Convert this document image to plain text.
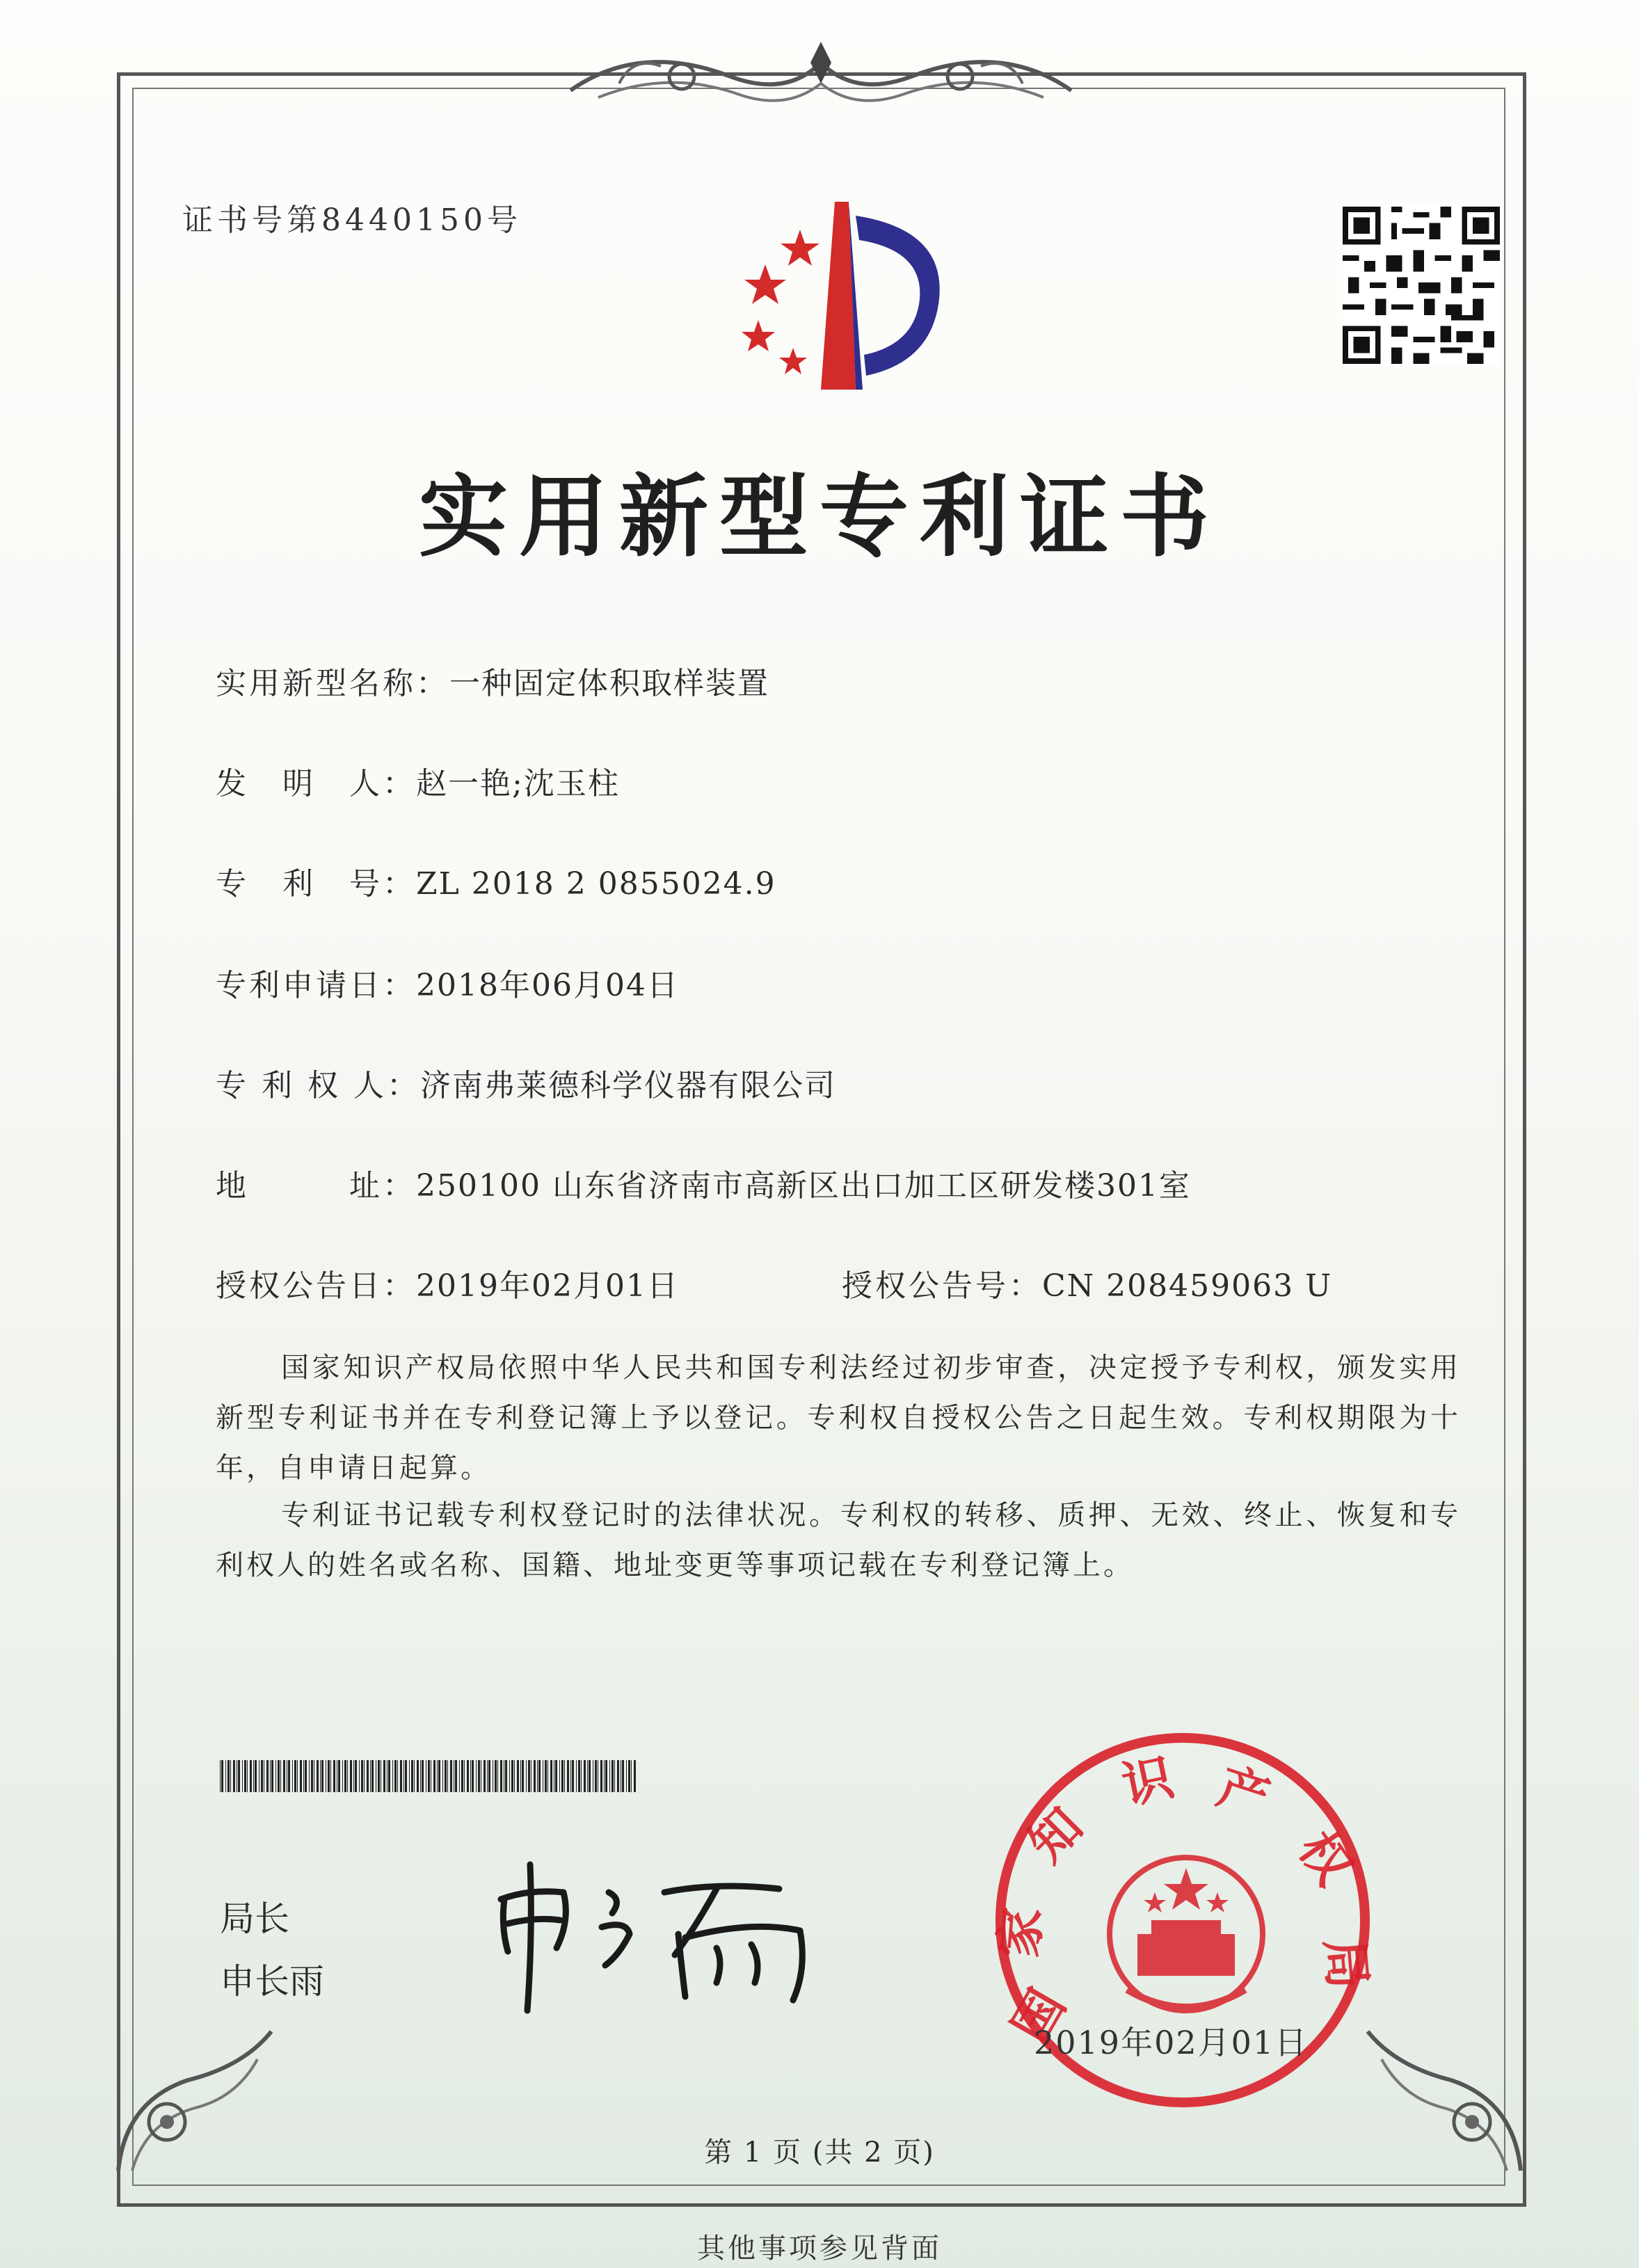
证书号第8440150号
实用新型专利证书
实用新型名称：一种固定体积取样装置
发　明　人：赵一艳;沈玉柱
专　利　号：ZL 2018 2 0855024.9
专利申请日：2018年06月04日
专 利 权 人：济南弗莱德科学仪器有限公司
地　　　址：250100 山东省济南市高新区出口加工区研发楼301室
授权公告日：2019年02月01日	授权公告号：CN 208459063 U
国家知识产权局依照中华人民共和国专利法经过初步审查，决定授予专利权，颁发实用新型专利证书并在专利登记簿上予以登记。专利权自授权公告之日起生效。专利权期限为十年，自申请日起算。
专利证书记载专利权登记时的法律状况。专利权的转移、质押、无效、终止、恢复和专利权人的姓名或名称、国籍、地址变更等事项记载在专利登记簿上。
局长
申长雨	国
家
知
识 产
权
局
2019年02月01日
第 1 页 (共 2 页)
其他事项参见背面
